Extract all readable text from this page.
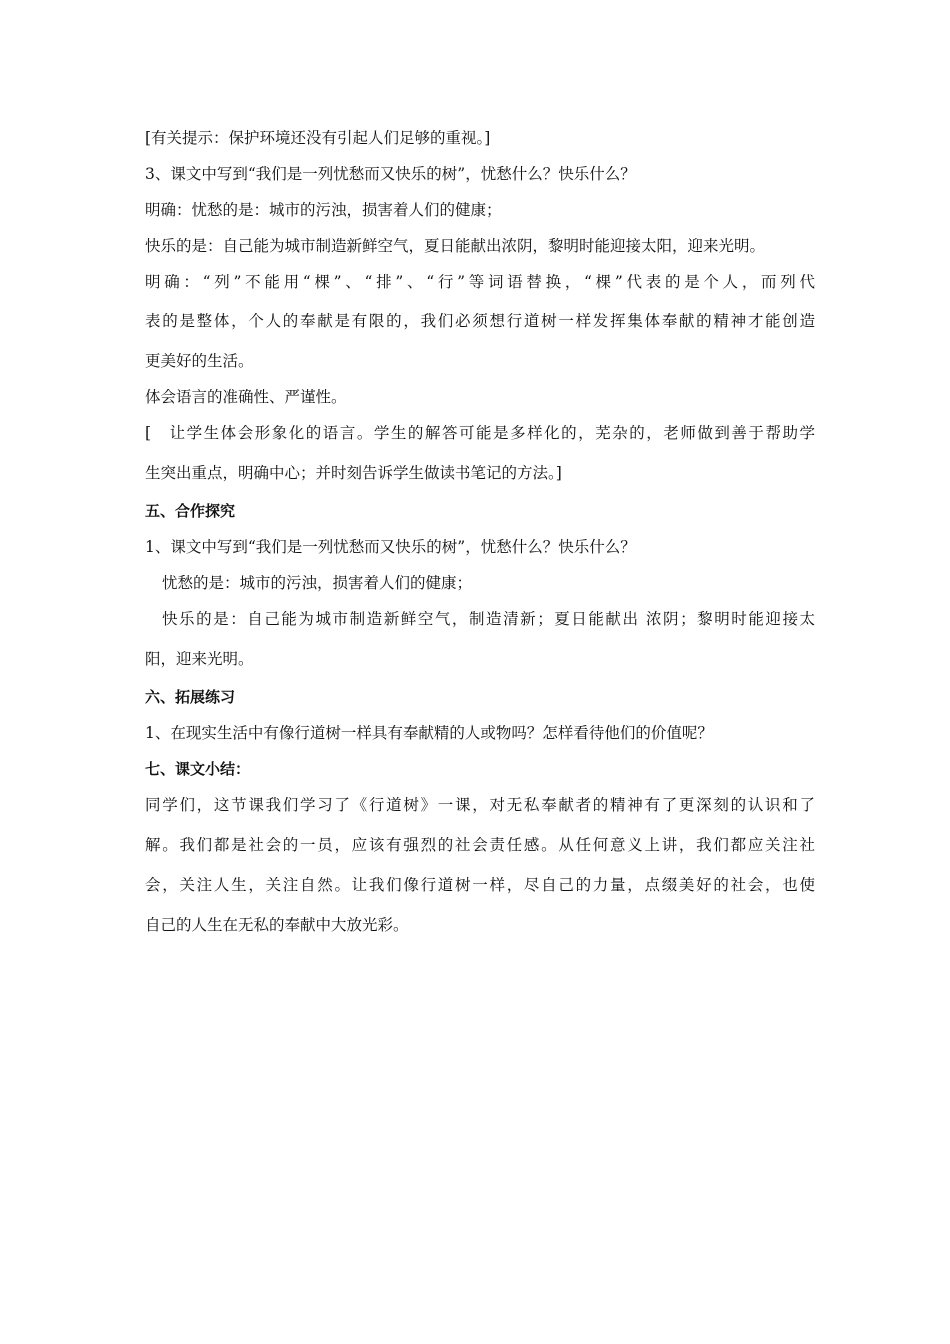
[有关提示：保护环境还没有引起人们足够的重视。]
3、课文中写到“我们是一列忧愁而又快乐的树”，忧愁什么？快乐什么？
明确：忧愁的是：城市的污浊，损害着人们的健康；
快乐的是：自己能为城市制造新鲜空气，夏日能献出浓阴，黎明时能迎接太阳，迎来光明。
明确：“列”不能用“棵”、“排”、“行”等词语替换，“棵”代表的是个人，而列代
表的是整体，个人的奉献是有限的，我们必须想行道树一样发挥集体奉献的精神才能创造
更美好的生活。
体会语言的准确性、严谨性。
[　让学生体会形象化的语言。学生的解答可能是多样化的，芜杂的，老师做到善于帮助学
生突出重点，明确中心；并时刻告诉学生做读书笔记的方法。]
五、合作探究
1、课文中写到“我们是一列忧愁而又快乐的树”，忧愁什么？快乐什么？
忧愁的是：城市的污浊，损害着人们的健康；
快乐的是：自己能为城市制造新鲜空气，制造清新；夏日能献出 浓阴；黎明时能迎接太
阳，迎来光明。
六、拓展练习
1、在现实生活中有像行道树一样具有奉献精的人或物吗？怎样看待他们的价值呢？
七、课文小结：
同学们，这节课我们学习了《行道树》一课，对无私奉献者的精神有了更深刻的认识和了
解。我们都是社会的一员，应该有强烈的社会责任感。从任何意义上讲，我们都应关注社
会，关注人生，关注自然。让我们像行道树一样，尽自己的力量，点缀美好的社会，也使
自己的人生在无私的奉献中大放光彩。
